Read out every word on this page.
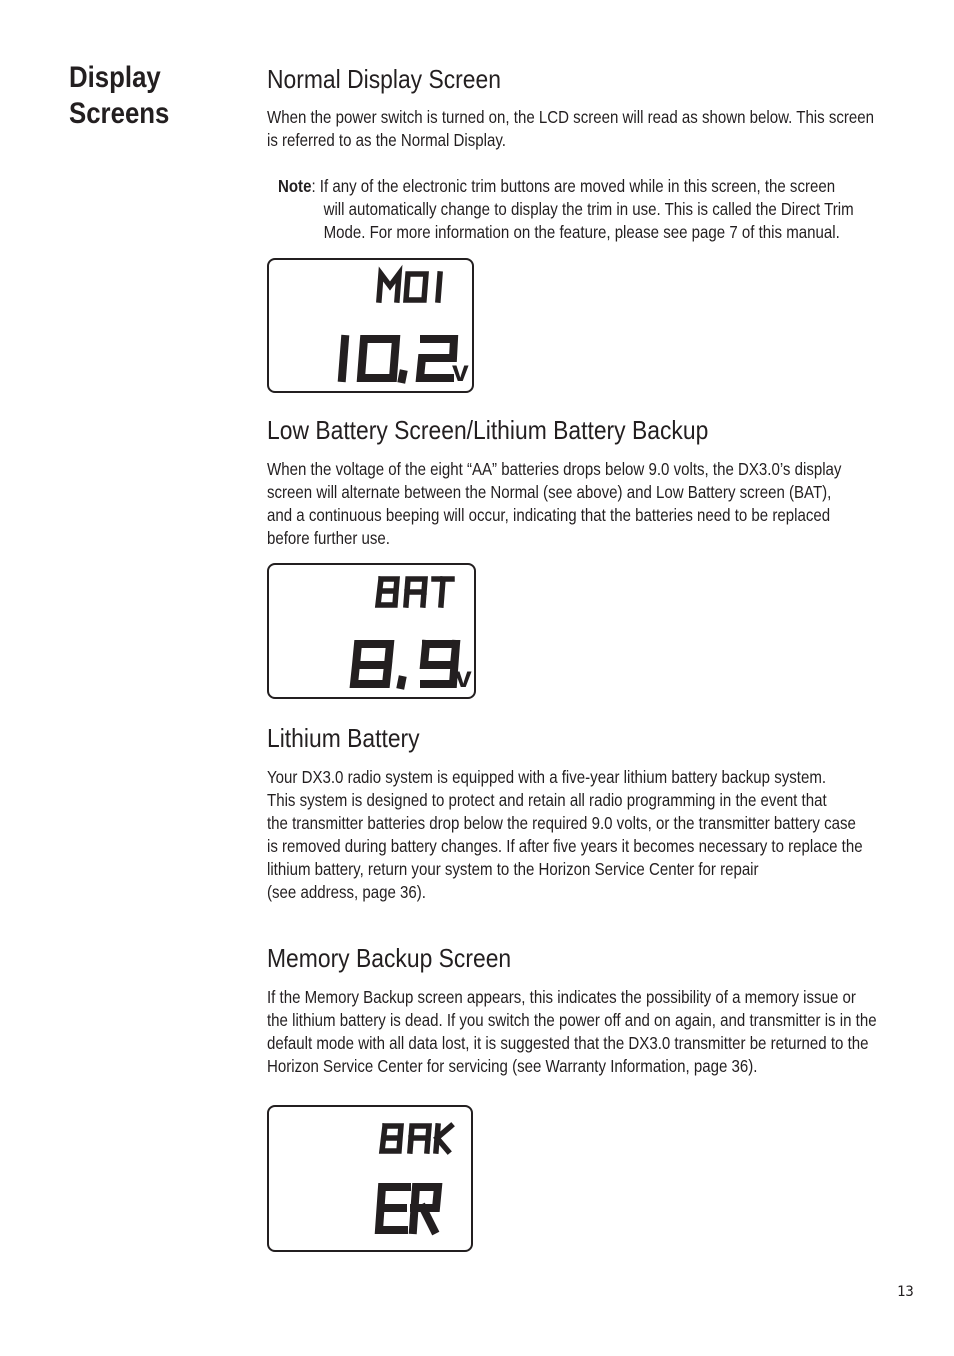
Display
Screens
Normal Display Screen

When the power switch is turned on, the LCD screen will read as shown below. This screen
is referred to as the Normal Display.

Note: If any of the electronic trim buttons are moved while in this screen, the screen
will automatically change to display the trim in use. This is called the Direct Trim
Mode. For more information on the feature, please see page 7 of this manual.
v
Low Battery Screen/Lithium Battery Backup

When the voltage of the eight “AA” batteries drops below 9.0 volts, the DX3.0’s display
screen will alternate between the Normal (see above) and Low Battery screen (BAT),
and a continuous beeping will occur, indicating that the batteries need to be replaced
before further use.

v
Lithium Battery

Your DX3.0 radio system is equipped with a five-year lithium battery backup system.
This system is designed to protect and retain all radio programming in the event that
the transmitter batteries drop below the required 9.0 volts, or the transmitter battery case
is removed during battery changes. If after five years it becomes necessary to replace the
lithium battery, return your system to the Horizon Service Center for repair
(see address, page 36).

Memory Backup Screen

If the Memory Backup screen appears, this indicates the possibility of a memory issue or
the lithium battery is dead. If you switch the power off and on again, and transmitter is in the
default mode with all data lost, it is suggested that the DX3.0 transmitter be returned to the
Horizon Service Center for servicing (see Warranty Information, page 36).

13
